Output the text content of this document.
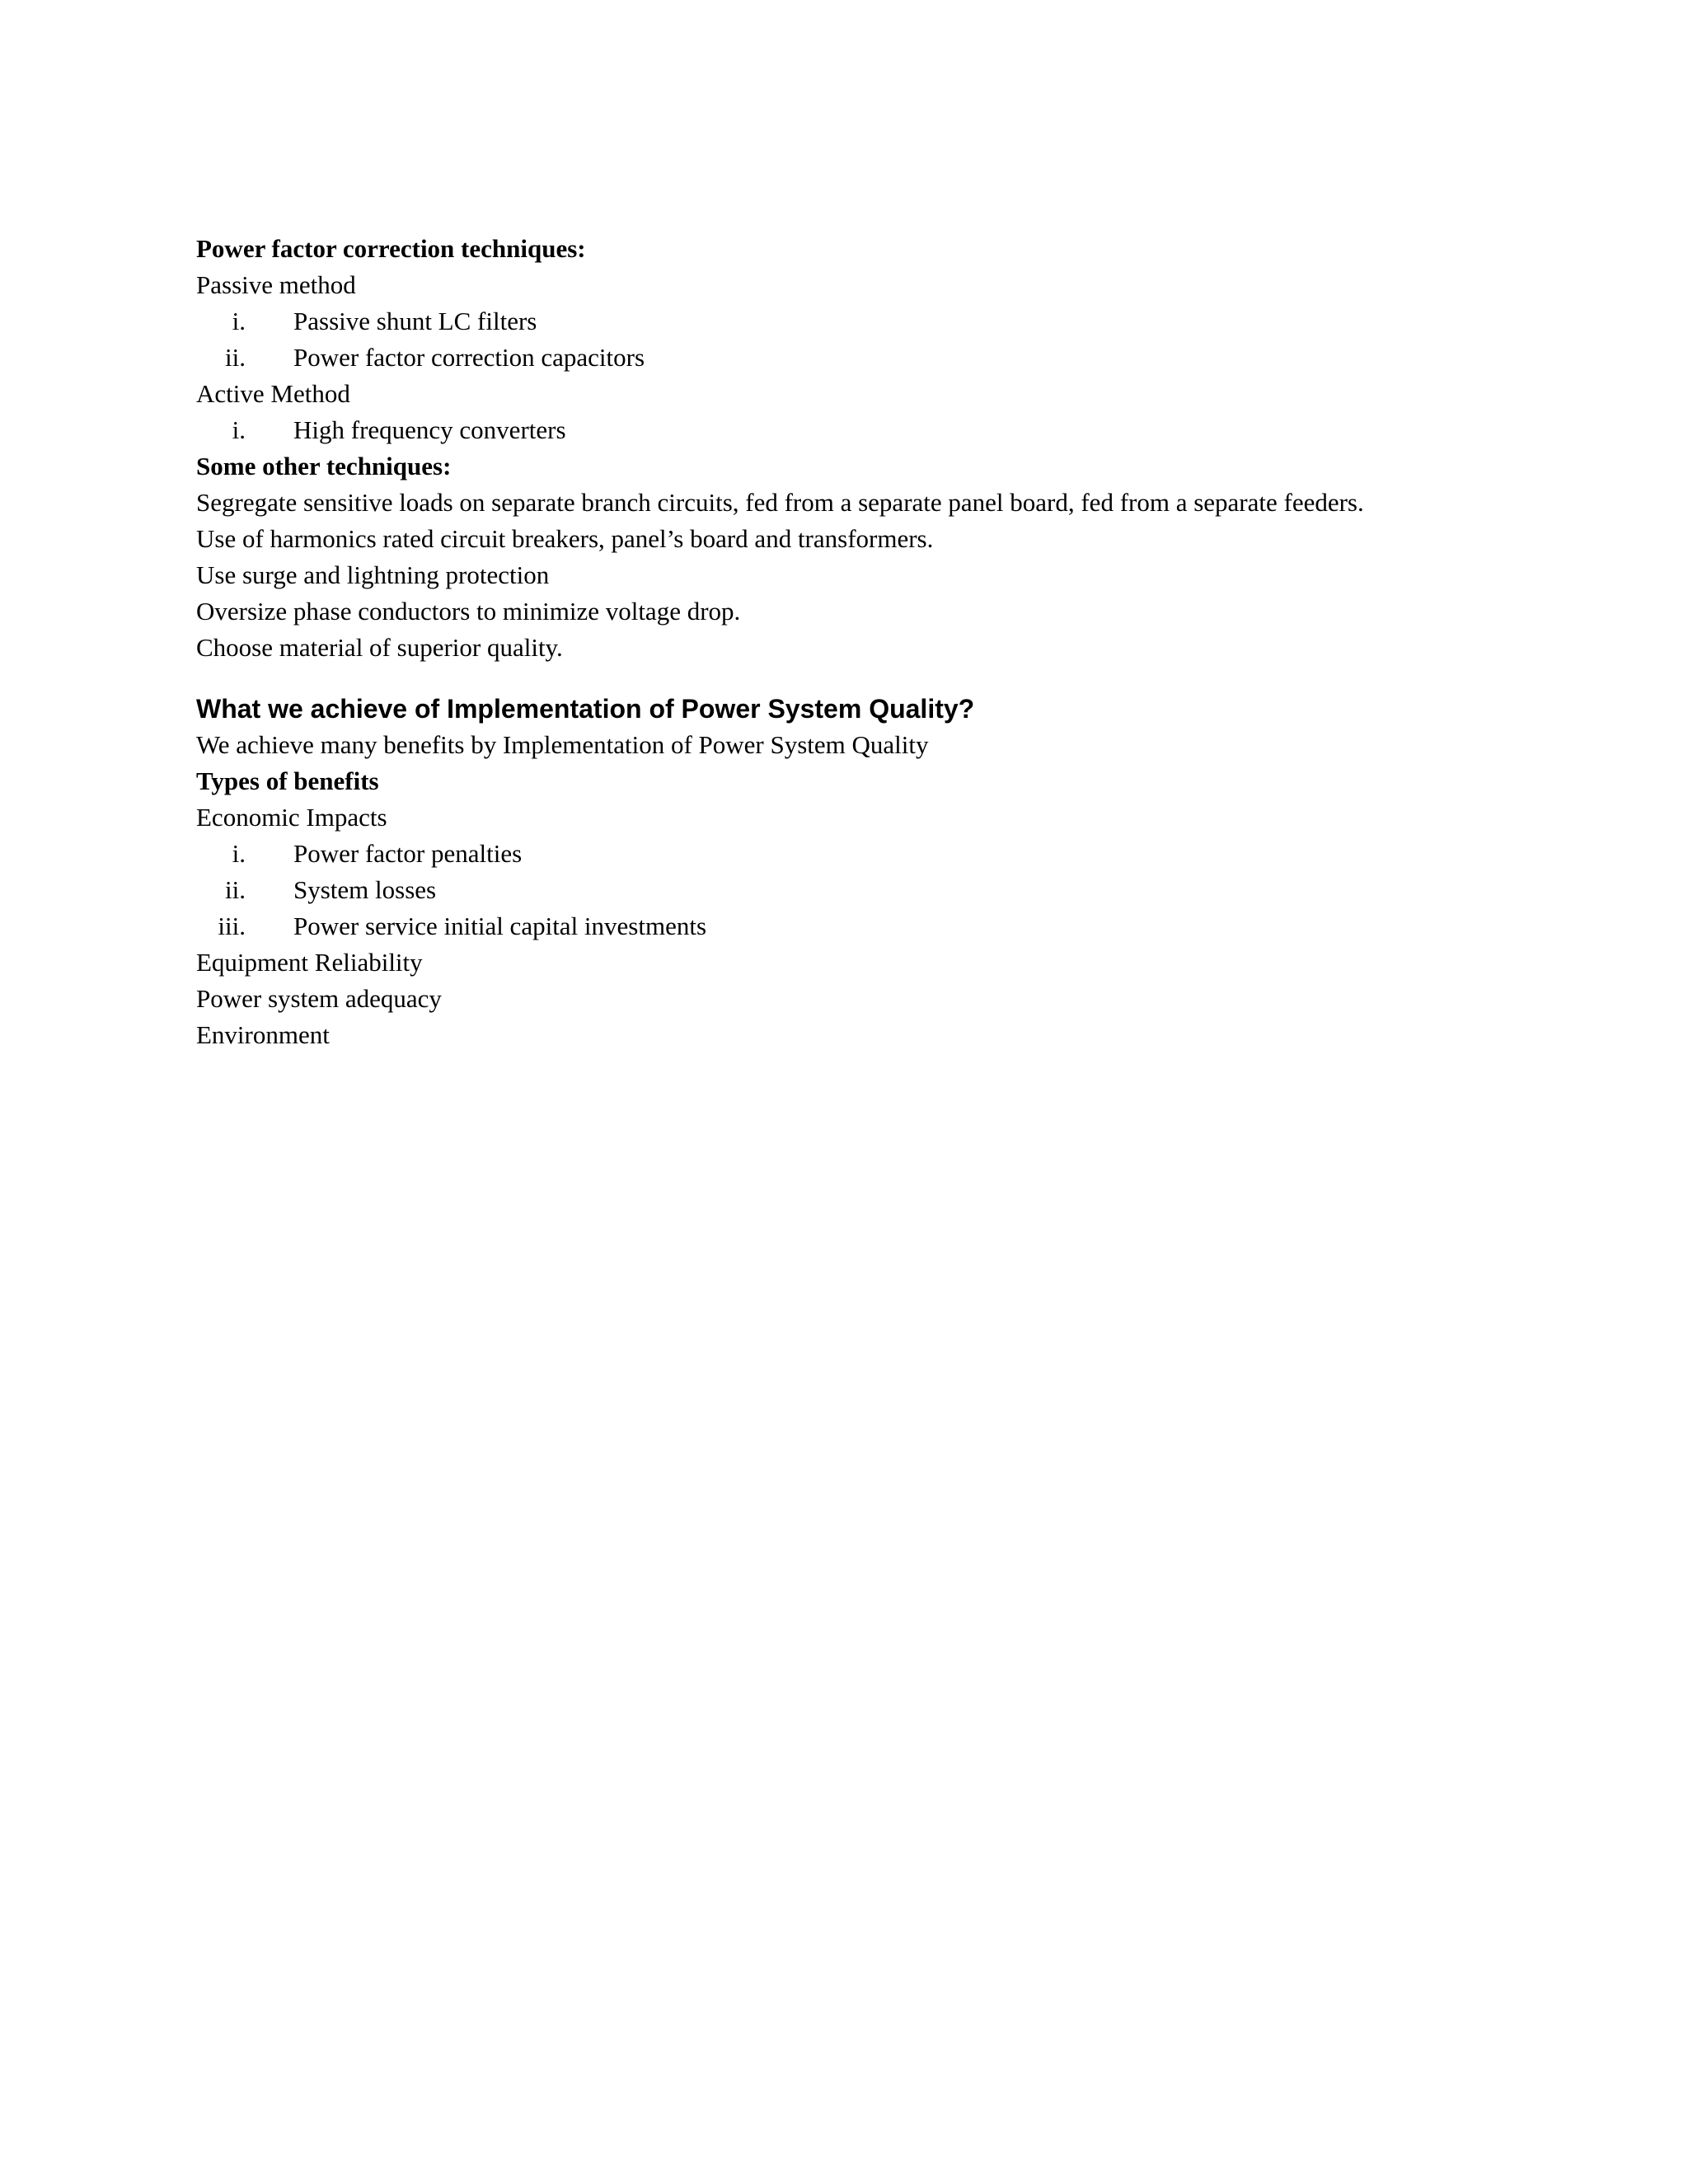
Power factor correction techniques:
Passive method
i. Passive shunt LC filters
ii. Power factor correction capacitors
Active Method
i. High frequency converters
Some other techniques:
Segregate sensitive loads on separate branch circuits, fed from a separate panel board, fed from a separate feeders.
Use of harmonics rated circuit breakers, panel’s board and transformers.
Use surge and lightning protection
Oversize phase conductors to minimize voltage drop.
Choose material of superior quality.
What we achieve of Implementation of Power System Quality?
We achieve many benefits by Implementation of Power System Quality
Types of benefits
Economic Impacts
i. Power factor penalties
ii. System losses
iii. Power service initial capital investments
Equipment Reliability
Power system adequacy
Environment
